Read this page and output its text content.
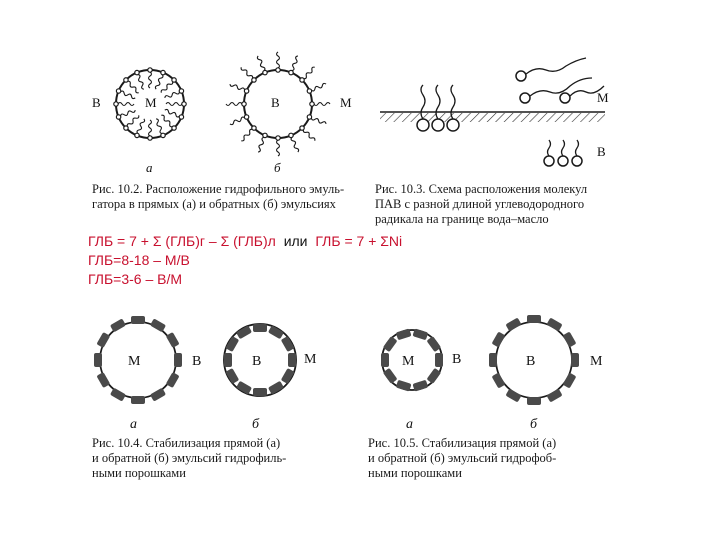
В	М	В	М
а	б
Рис. 10.2. Расположение гидрофильного эмуль-
гатора в прямых (а) и обратных (б) эмульсиях
М
В
Рис. 10.3. Схема расположения молекул
ПАВ с разной длиной углеводородного
радикала на границе вода–масло
ГЛБ = 7 + Σ (ГЛБ)г – Σ (ГЛБ)л или ГЛБ = 7 + ΣNi
ГЛБ=8-18 – М/В
ГЛБ=3-6 – В/М
М	В	В	М
а	б
Рис. 10.4. Стабилизация прямой (а)
и обратной (б) эмульсий гидрофиль-
ными порошками
М	В	В	М
а	б
Рис. 10.5. Стабилизация прямой (а)
и обратной (б) эмульсий гидрофоб-
ными порошками
